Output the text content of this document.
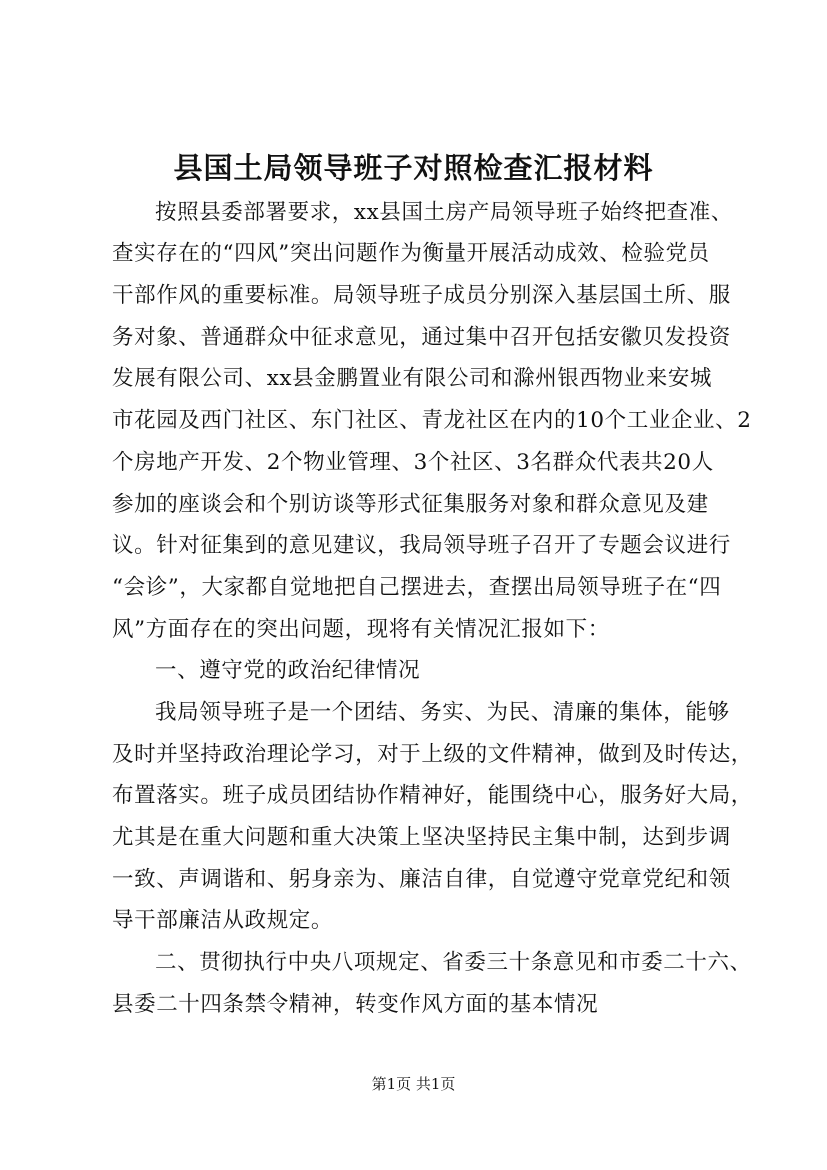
县国土局领导班子对照检查汇报材料

按照县委部署要求，xx县国土房产局领导班子始终把查准、

查实存在的“四风”突出问题作为衡量开展活动成效、检验党员

干部作风的重要标准。局领导班子成员分别深入基层国土所、服

务对象、普通群众中征求意见，通过集中召开包括安徽贝发投资

发展有限公司、xx县金鹏置业有限公司和滁州银西物业来安城

市花园及西门社区、东门社区、青龙社区在内的10个工业企业、2

个房地产开发、2个物业管理、3个社区、3名群众代表共20人

参加的座谈会和个别访谈等形式征集服务对象和群众意见及建

议。针对征集到的意见建议，我局领导班子召开了专题会议进行

“会诊”，大家都自觉地把自己摆进去，查摆出局领导班子在“四

风”方面存在的突出问题，现将有关情况汇报如下：

一、遵守党的政治纪律情况

我局领导班子是一个团结、务实、为民、清廉的集体，能够

及时并坚持政治理论学习，对于上级的文件精神，做到及时传达，

布置落实。班子成员团结协作精神好，能围绕中心，服务好大局，

尤其是在重大问题和重大决策上坚决坚持民主集中制，达到步调

一致、声调谐和、躬身亲为、廉洁自律，自觉遵守党章党纪和领

导干部廉洁从政规定。

二、贯彻执行中央八项规定、省委三十条意见和市委二十六、

县委二十四条禁令精神，转变作风方面的基本情况

第1页 共1页
